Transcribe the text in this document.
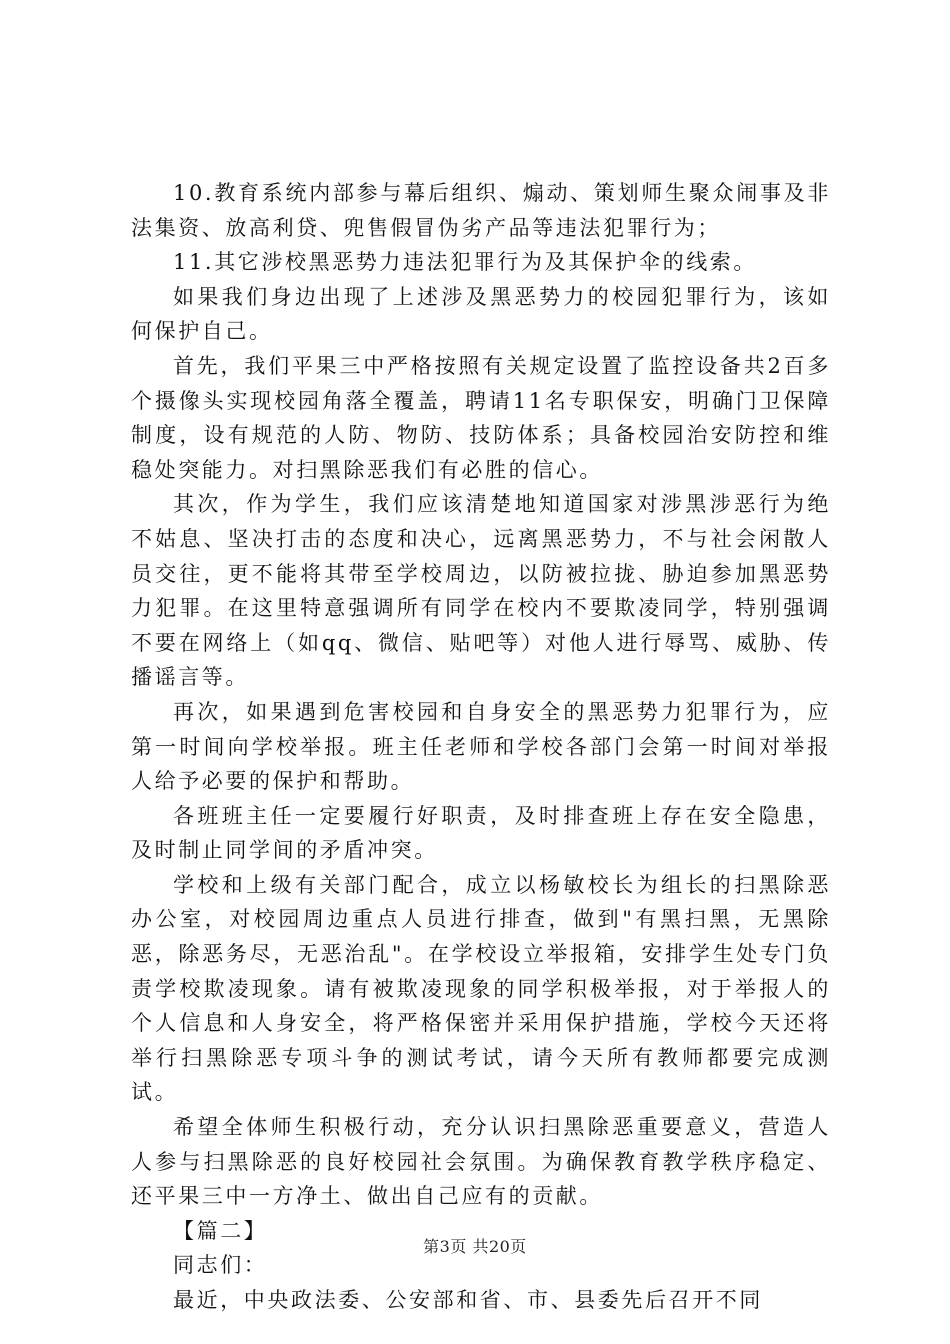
10.教育系统内部参与幕后组织、煽动、策划师生聚众闹事及非法集资、放高利贷、兜售假冒伪劣产品等违法犯罪行为；

11.其它涉校黑恶势力违法犯罪行为及其保护伞的线索。

如果我们身边出现了上述涉及黑恶势力的校园犯罪行为，该如何保护自己。

首先，我们平果三中严格按照有关规定设置了监控设备共2百多个摄像头实现校园角落全覆盖，聘请11名专职保安，明确门卫保障制度，设有规范的人防、物防、技防体系；具备校园治安防控和维稳处突能力。对扫黑除恶我们有必胜的信心。

其次，作为学生，我们应该清楚地知道国家对涉黑涉恶行为绝不姑息、坚决打击的态度和决心，远离黑恶势力，不与社会闲散人员交往，更不能将其带至学校周边，以防被拉拢、胁迫参加黑恶势力犯罪。在这里特意强调所有同学在校内不要欺凌同学，特别强调不要在网络上（如qq、微信、贴吧等）对他人进行辱骂、威胁、传播谣言等。

再次，如果遇到危害校园和自身安全的黑恶势力犯罪行为，应第一时间向学校举报。班主任老师和学校各部门会第一时间对举报人给予必要的保护和帮助。

各班班主任一定要履行好职责，及时排查班上存在安全隐患，及时制止同学间的矛盾冲突。

学校和上级有关部门配合，成立以杨敏校长为组长的扫黑除恶办公室，对校园周边重点人员进行排查，做到"有黑扫黑，无黑除恶，除恶务尽，无恶治乱"。在学校设立举报箱，安排学生处专门负责学校欺凌现象。请有被欺凌现象的同学积极举报，对于举报人的个人信息和人身安全，将严格保密并采用保护措施，学校今天还将举行扫黑除恶专项斗争的测试考试，请今天所有教师都要完成测试。

希望全体师生积极行动，充分认识扫黑除恶重要意义，营造人人参与扫黑除恶的良好校园社会氛围。为确保教育教学秩序稳定、还平果三中一方净土、做出自己应有的贡献。

【篇二】

同志们：

最近，中央政法委、公安部和省、市、县委先后召开不同

第3页 共20页
